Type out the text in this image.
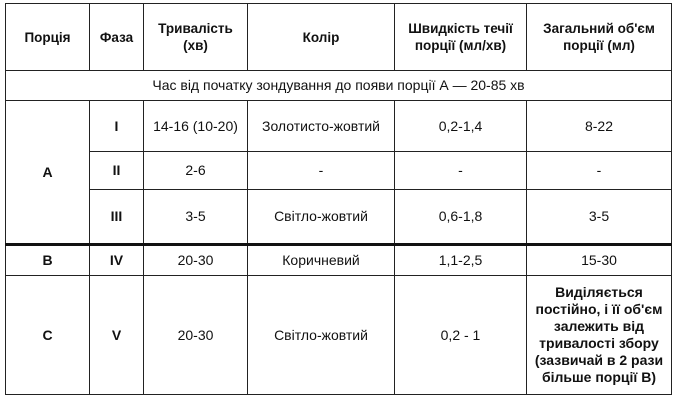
Порція	Фаза	Тривалість (хв)	Колір	Швидкість течії порції (мл/хв)	Загальний об'єм порції (мл)
Час від початку зондування до появи порції А — 20-85 хв					
A	I	14-16 (10-20)	Золотисто-жовтий	0,2-1,4	8-22
	II	2-6	-	-	-
	III	3-5	Світло-жовтий	0,6-1,8	3-5
B	IV	20-30	Коричневий	1,1-2,5	15-30
C	V	20-30	Світло-жовтий	0,2 - 1	Виділяється постійно, і її об'єм залежить від тривалості збору (зазвичай в 2 рази більше порції В)
